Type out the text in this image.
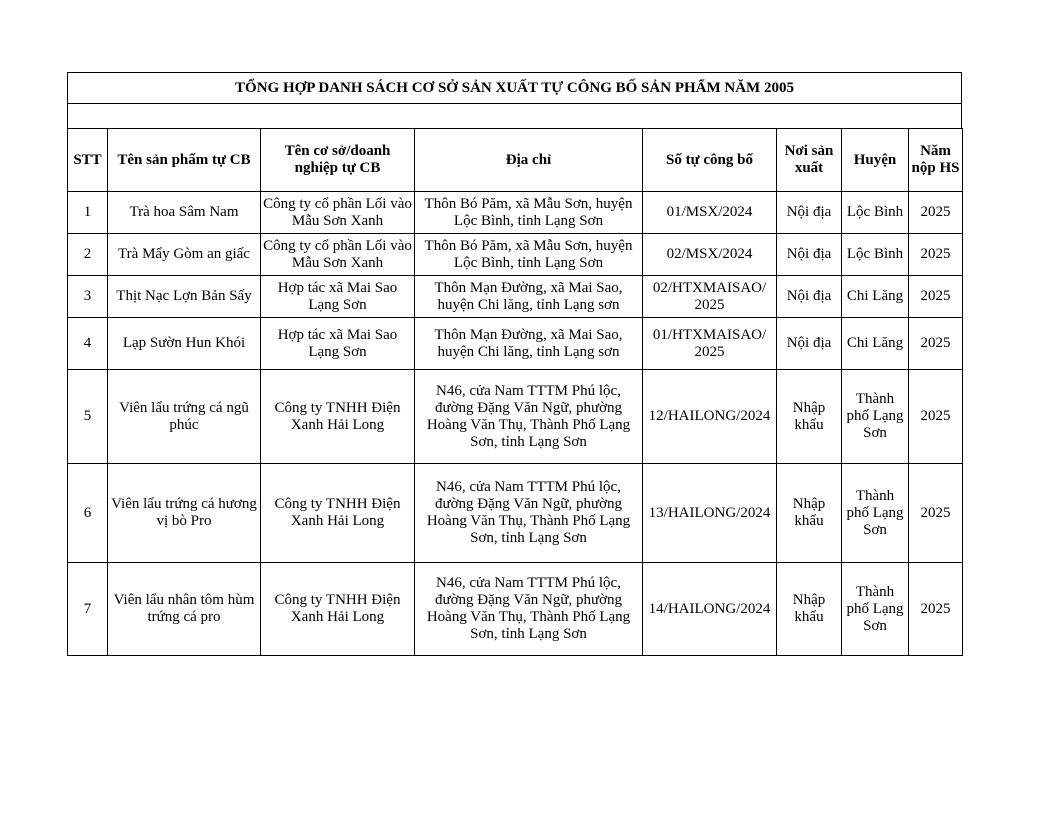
TỔNG HỢP DANH SÁCH CƠ SỞ SẢN XUẤT TỰ CÔNG BỐ SẢN PHẨM NĂM 2005
STT	Tên sản phẩm tự CB	Tên cơ sở/doanh nghiệp tự CB	Địa chỉ	Số tự công bố	Nơi sản xuất	Huyện	Năm nộp HS
1	Trà hoa Sâm Nam	Công ty cổ phần Lối vào Mẫu Sơn Xanh	Thôn Bó Păm, xã Mẫu Sơn, huyện Lộc Bình, tỉnh Lạng Sơn	01/MSX/2024	Nội địa	Lộc Bình	2025
2	Trà Mẩy Gòm an giấc	Công ty cổ phần Lối vào Mẫu Sơn Xanh	Thôn Bó Păm, xã Mẫu Sơn, huyện Lộc Bình, tỉnh Lạng Sơn	02/MSX/2024	Nội địa	Lộc Bình	2025
3	Thịt Nạc Lợn Bản Sấy	Hợp tác xã Mai Sao Lạng Sơn	Thôn Mạn Đường, xã Mai Sao, huyện Chi lăng, tỉnh Lạng sơn	02/HTXMAISAO/ 2025	Nội địa	Chi Lăng	2025
4	Lạp Sườn Hun Khói	Hợp tác xã Mai Sao Lạng Sơn	Thôn Mạn Đường, xã Mai Sao, huyện Chi lăng, tỉnh Lạng sơn	01/HTXMAISAO/ 2025	Nội địa	Chi Lăng	2025
5	Viên lẩu trứng cá ngũ phúc	Công ty TNHH Điện Xanh Hải Long	N46, cửa Nam TTTM Phú lộc, đường Đặng Văn Ngữ, phường Hoàng Văn Thụ, Thành Phố Lạng Sơn, tỉnh Lạng Sơn	12/HAILONG/2024	Nhập khẩu	Thành phố Lạng Sơn	2025
6	Viên lẩu trứng cá hương vị bò Pro	Công ty TNHH Điện Xanh Hải Long	N46, cửa Nam TTTM Phú lộc, đường Đặng Văn Ngữ, phường Hoàng Văn Thụ, Thành Phố Lạng Sơn, tỉnh Lạng Sơn	13/HAILONG/2024	Nhập khẩu	Thành phố Lạng Sơn	2025
7	Viên lẩu nhân tôm hùm trứng cá pro	Công ty TNHH Điện Xanh Hải Long	N46, cửa Nam TTTM Phú lộc, đường Đặng Văn Ngữ, phường Hoàng Văn Thụ, Thành Phố Lạng Sơn, tỉnh Lạng Sơn	14/HAILONG/2024	Nhập khẩu	Thành phố Lạng Sơn	2025
